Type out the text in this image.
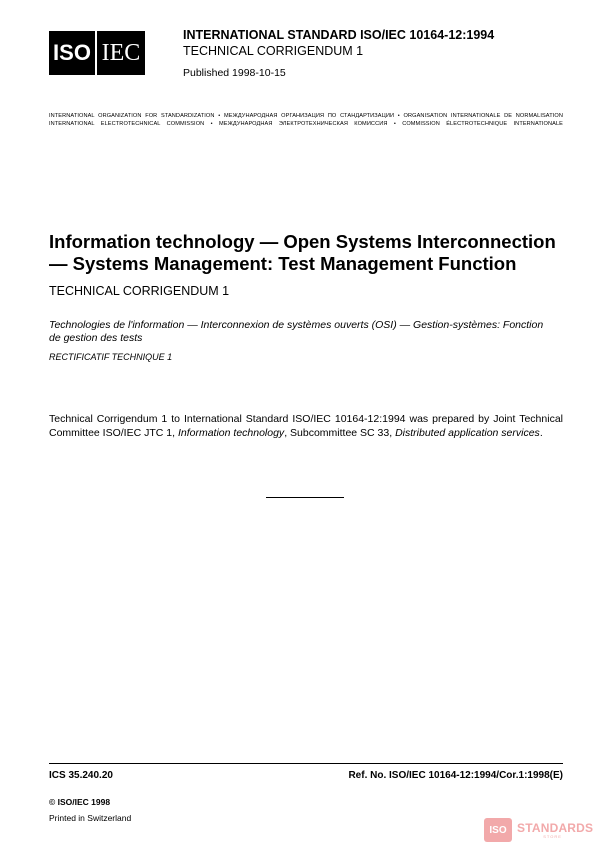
ISO IEC
INTERNATIONAL STANDARD ISO/IEC 10164-12:1994
TECHNICAL CORRIGENDUM 1
Published 1998-10-15
INTERNATIONAL ORGANIZATION FOR STANDARDIZATION • МЕЖДУНАРОДНАЯ ОРГАНИЗАЦИЯ ПО СТАНДАРТИЗАЦИИ • ORGANISATION INTERNATIONALE DE NORMALISATION
INTERNATIONAL ELECTROTECHNICAL COMMISSION • МЕЖДУНАРОДНАЯ ЭЛЕКТРОТЕХНИЧЕСКАЯ КОМИССИЯ • COMMISSION ÉLECTROTECHNIQUE INTERNATIONALE
Information technology — Open Systems Interconnection — Systems Management: Test Management Function
TECHNICAL CORRIGENDUM 1
Technologies de l'information — Interconnexion de systèmes ouverts (OSI) — Gestion-systèmes: Fonction de gestion des tests
RECTIFICATIF TECHNIQUE 1
Technical Corrigendum 1 to International Standard ISO/IEC 10164-12:1994 was prepared by Joint Technical Committee ISO/IEC JTC 1, Information technology, Subcommittee SC 33, Distributed application services.
ICS 35.240.20	Ref. No. ISO/IEC 10164-12:1994/Cor.1:1998(E)
© ISO/IEC 1998
Printed in Switzerland
ISO STANDARDS
STORE
